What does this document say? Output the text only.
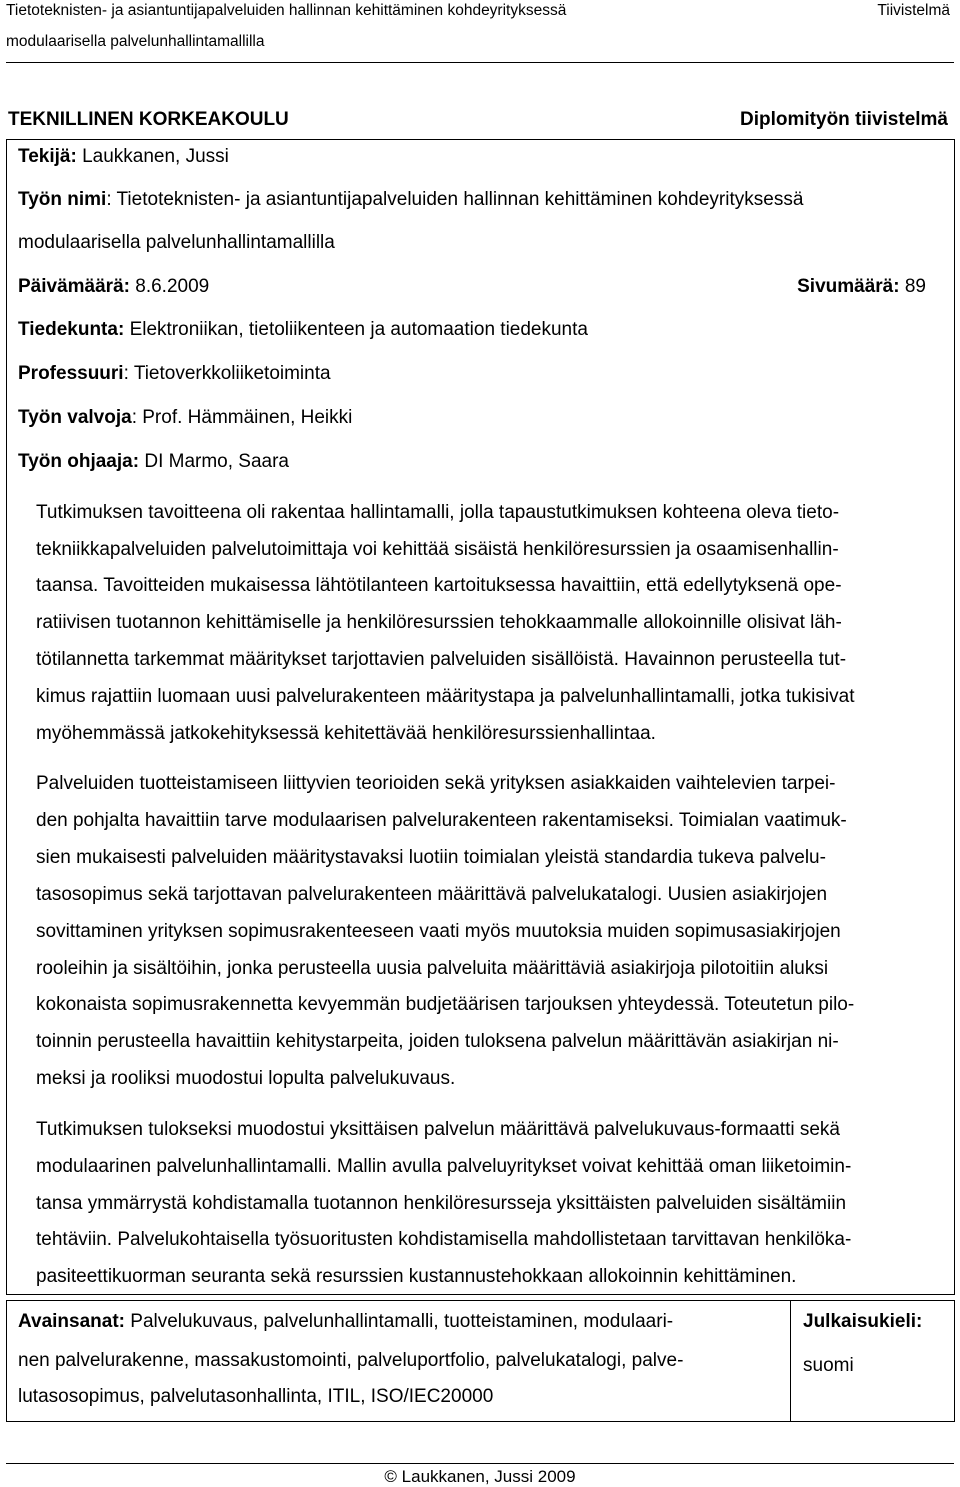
Tietoteknisten- ja asiantuntijapalveluiden hallinnan kehittäminen kohdeyrityksessä
modulaarisella palvelunhallintamallilla
Tiivistelmä
TEKNILLINEN KORKEAKOULU	Diplomityön tiivistelmä
Tekijä: Laukkanen, Jussi
Työn nimi: Tietoteknisten- ja asiantuntijapalveluiden hallinnan kehittäminen kohdeyrityksessä
modulaarisella palvelunhallintamallilla
Päivämäärä: 8.6.2009	Sivumäärä: 89
Tiedekunta: Elektroniikan, tietoliikenteen ja automaation tiedekunta
Professuuri: Tietoverkkoliiketoiminta
Työn valvoja: Prof. Hämmäinen, Heikki
Työn ohjaaja: DI Marmo, Saara
Tutkimuksen tavoitteena oli rakentaa hallintamalli, jolla tapaustutkimuksen kohteena oleva tieto-
tekniikkapalveluiden palvelutoimittaja voi kehittää sisäistä henkilöresurssien ja osaamisenhallin-
taansa. Tavoitteiden mukaisessa lähtötilanteen kartoituksessa havaittiin, että edellytyksenä ope-
ratiivisen tuotannon kehittämiselle ja henkilöresurssien tehokkaammalle allokoinnille olisivat läh-
tötilannetta tarkemmat määritykset tarjottavien palveluiden sisällöistä. Havainnon perusteella tut-
kimus rajattiin luomaan uusi palvelurakenteen määritystapa ja palvelunhallintamalli, jotka tukisivat
myöhemmässä jatkokehityksessä kehitettävää henkilöresurssienhallintaa.
Palveluiden tuotteistamiseen liittyvien teorioiden sekä yrityksen asiakkaiden vaihtelevien tarpei-
den pohjalta havaittiin tarve modulaarisen palvelurakenteen rakentamiseksi. Toimialan vaatimuk-
sien mukaisesti palveluiden määritystavaksi luotiin toimialan yleistä standardia tukeva palvelu-
tasosopimus sekä tarjottavan palvelurakenteen määrittävä palvelukatalogi. Uusien asiakirjojen
sovittaminen yrityksen sopimusrakenteeseen vaati myös muutoksia muiden sopimusasiakirjojen
rooleihin ja sisältöihin, jonka perusteella uusia palveluita määrittäviä asiakirjoja pilotoitiin aluksi
kokonaista sopimusrakennetta kevyemmän budjetäärisen tarjouksen yhteydessä. Toteutetun pilo-
toinnin perusteella havaittiin kehitystarpeita, joiden tuloksena palvelun määrittävän asiakirjan ni-
meksi ja rooliksi muodostui lopulta palvelukuvaus.
Tutkimuksen tulokseksi muodostui yksittäisen palvelun määrittävä palvelukuvaus-formaatti sekä
modulaarinen palvelunhallintamalli. Mallin avulla palveluyritykset voivat kehittää oman liiketoimin-
tansa ymmärrystä kohdistamalla tuotannon henkilöresursseja yksittäisten palveluiden sisältämiin
tehtäviin. Palvelukohtaisella työsuoritusten kohdistamisella mahdollistetaan tarvittavan henkilöka-
pasiteettikuorman seuranta sekä resurssien kustannustehokkaan allokoinnin kehittäminen.
Avainsanat: Palvelukuvaus, palvelunhallintamalli, tuotteistaminen, modulaari-
nen palvelurakenne, massakustomointi, palveluportfolio, palvelukatalogi, palve-
lutasosopimus, palvelutasonhallinta, ITIL, ISO/IEC20000
Julkaisukieli:
suomi
© Laukkanen, Jussi 2009
